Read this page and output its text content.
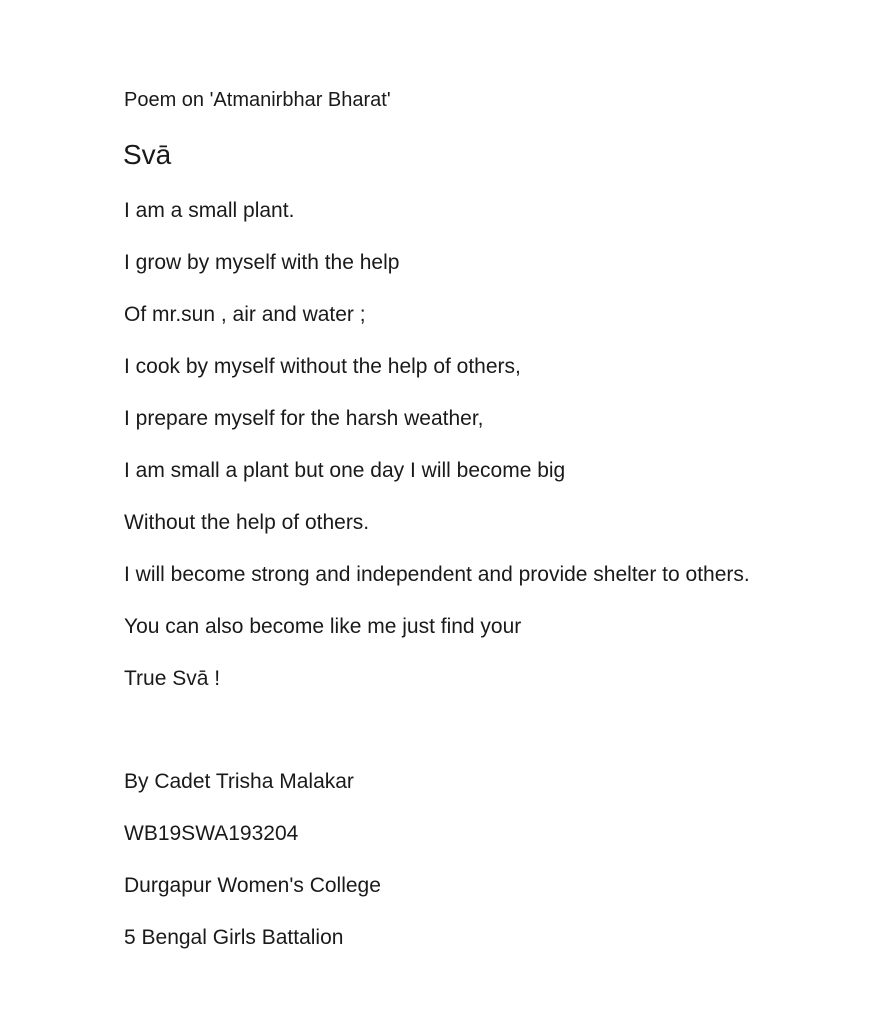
Poem on 'Atmanirbhar Bharat'

Svā
I am a small plant.
I grow by myself with the help
Of mr.sun , air and water ;
I cook by myself without the help of others,
I prepare myself for the harsh weather,
I am small a plant but one day I will become big
Without the help of others.
I will become strong and independent and provide shelter to others.
You can also become like me just find your
True Svā !
By Cadet Trisha Malakar
WB19SWA193204
Durgapur Women's College
5 Bengal Girls Battalion
